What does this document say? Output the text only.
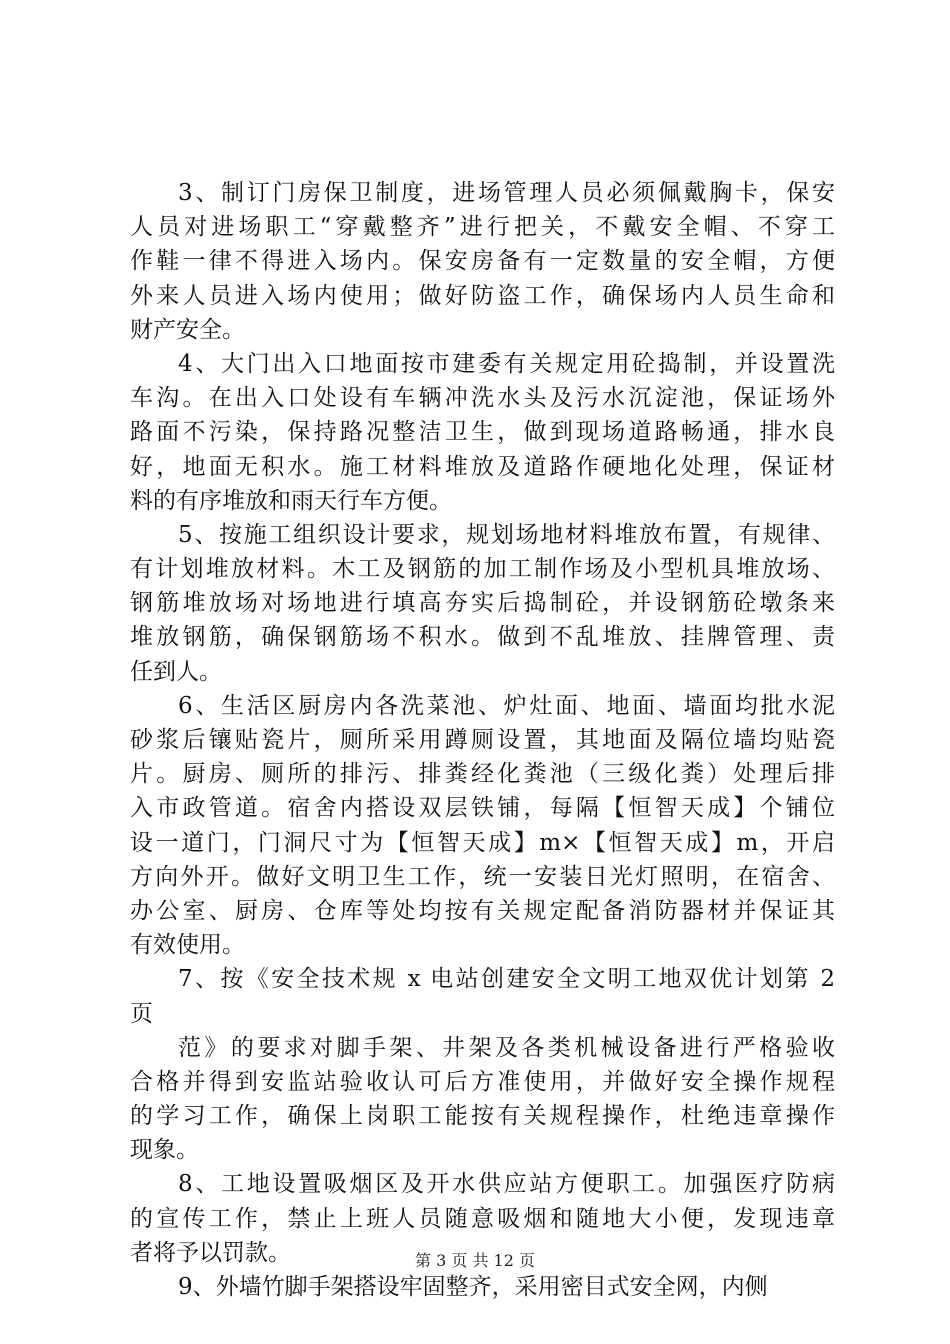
3、制订门房保卫制度，进场管理人员必须佩戴胸卡，保安
人员对进场职工“穿戴整齐”进行把关，不戴安全帽、不穿工
作鞋一律不得进入场内。保安房备有一定数量的安全帽，方便
外来人员进入场内使用；做好防盗工作，确保场内人员生命和
财产安全。
4、大门出入口地面按市建委有关规定用砼捣制，并设置洗
车沟。在出入口处设有车辆冲洗水头及污水沉淀池，保证场外
路面不污染，保持路况整洁卫生，做到现场道路畅通，排水良
好，地面无积水。施工材料堆放及道路作硬地化处理，保证材
料的有序堆放和雨天行车方便。
5、按施工组织设计要求，规划场地材料堆放布置，有规律、
有计划堆放材料。木工及钢筋的加工制作场及小型机具堆放场、
钢筋堆放场对场地进行填高夯实后捣制砼，并设钢筋砼墩条来
堆放钢筋，确保钢筋场不积水。做到不乱堆放、挂牌管理、责
任到人。
6、生活区厨房内各洗菜池、炉灶面、地面、墙面均批水泥
砂浆后镶贴瓷片，厕所采用蹲厕设置，其地面及隔位墙均贴瓷
片。厨房、厕所的排污、排粪经化粪池（三级化粪）处理后排
入市政管道。宿舍内搭设双层铁铺，每隔【恒智天成】个铺位
设一道门，门洞尺寸为【恒智天成】m×【恒智天成】m，开启
方向外开。做好文明卫生工作，统一安装日光灯照明，在宿舍、
办公室、厨房、仓库等处均按有关规定配备消防器材并保证其
有效使用。
7、按《安全技术规 x 电站创建安全文明工地双优计划第 2
页
范》的要求对脚手架、井架及各类机械设备进行严格验收
合格并得到安监站验收认可后方准使用，并做好安全操作规程
的学习工作，确保上岗职工能按有关规程操作，杜绝违章操作
现象。
8、工地设置吸烟区及开水供应站方便职工。加强医疗防病
的宣传工作，禁止上班人员随意吸烟和随地大小便，发现违章
者将予以罚款。
9、外墙竹脚手架搭设牢固整齐，采用密目式安全网，内侧
第 3 页 共 12 页
